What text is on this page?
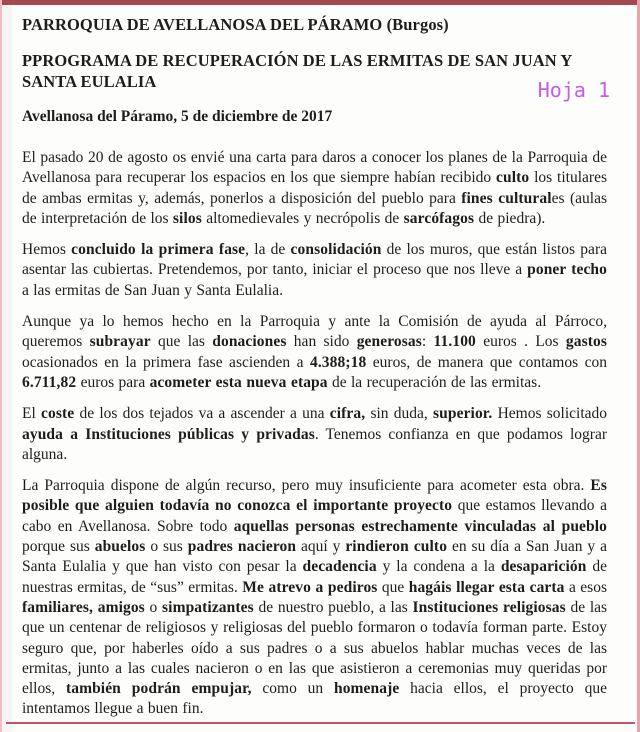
PARROQUIA DE AVELLANOSA DEL PÁRAMO (Burgos)
PPROGRAMA DE RECUPERACIÓN DE LAS ERMITAS DE SAN JUAN Y SANTA EULALIA
Avellanosa del Páramo, 5 de diciembre de 2017

El pasado 20 de agosto os envié una carta para daros a conocer los planes de la Parroquia de Avellanosa para recuperar los espacios en los que siempre habían recibido culto los titulares de ambas ermitas y, además, ponerlos a disposición del pueblo para fines culturales (aulas de interpretación de los silos altomedievales y necrópolis de sarcófagos de piedra).

Hemos concluido la primera fase, la de consolidación de los muros, que están listos para asentar las cubiertas. Pretendemos, por tanto, iniciar el proceso que nos lleve a poner techo a las ermitas de San Juan y Santa Eulalia.

Aunque ya lo hemos hecho en la Parroquia y ante la Comisión de ayuda al Párroco, queremos subrayar que las donaciones han sido generosas: 11.100 euros . Los gastos ocasionados en la primera fase ascienden a 4.388;18 euros, de manera que contamos con 6.711,82 euros para acometer esta nueva etapa de la recuperación de las ermitas.

El coste de los dos tejados va a ascender a una cifra, sin duda, superior. Hemos solicitado ayuda a Instituciones públicas y privadas. Tenemos confianza en que podamos lograr alguna.

La Parroquia dispone de algún recurso, pero muy insuficiente para acometer esta obra. Es posible que alguien todavía no conozca el importante proyecto que estamos llevando a cabo en Avellanosa. Sobre todo aquellas personas estrechamente vinculadas al pueblo porque sus abuelos o sus padres nacieron aquí y rindieron culto en su día a San Juan y a Santa Eulalia y que han visto con pesar la decadencia y la condena a la desaparición de nuestras ermitas, de “sus” ermitas. Me atrevo a pediros que hagáis llegar esta carta a esos familiares, amigos o simpatizantes de nuestro pueblo, a las Instituciones religiosas de las que un centenar de religiosos y religiosas del pueblo formaron o todavía forman parte. Estoy seguro que, por haberles oído a sus padres o a sus abuelos hablar muchas veces de las ermitas, junto a las cuales nacieron o en las que asistieron a ceremonias muy queridas por ellos, también podrán empujar, como un homenaje hacia ellos, el proyecto que intentamos llegue a buen fin.

Hoja 1
